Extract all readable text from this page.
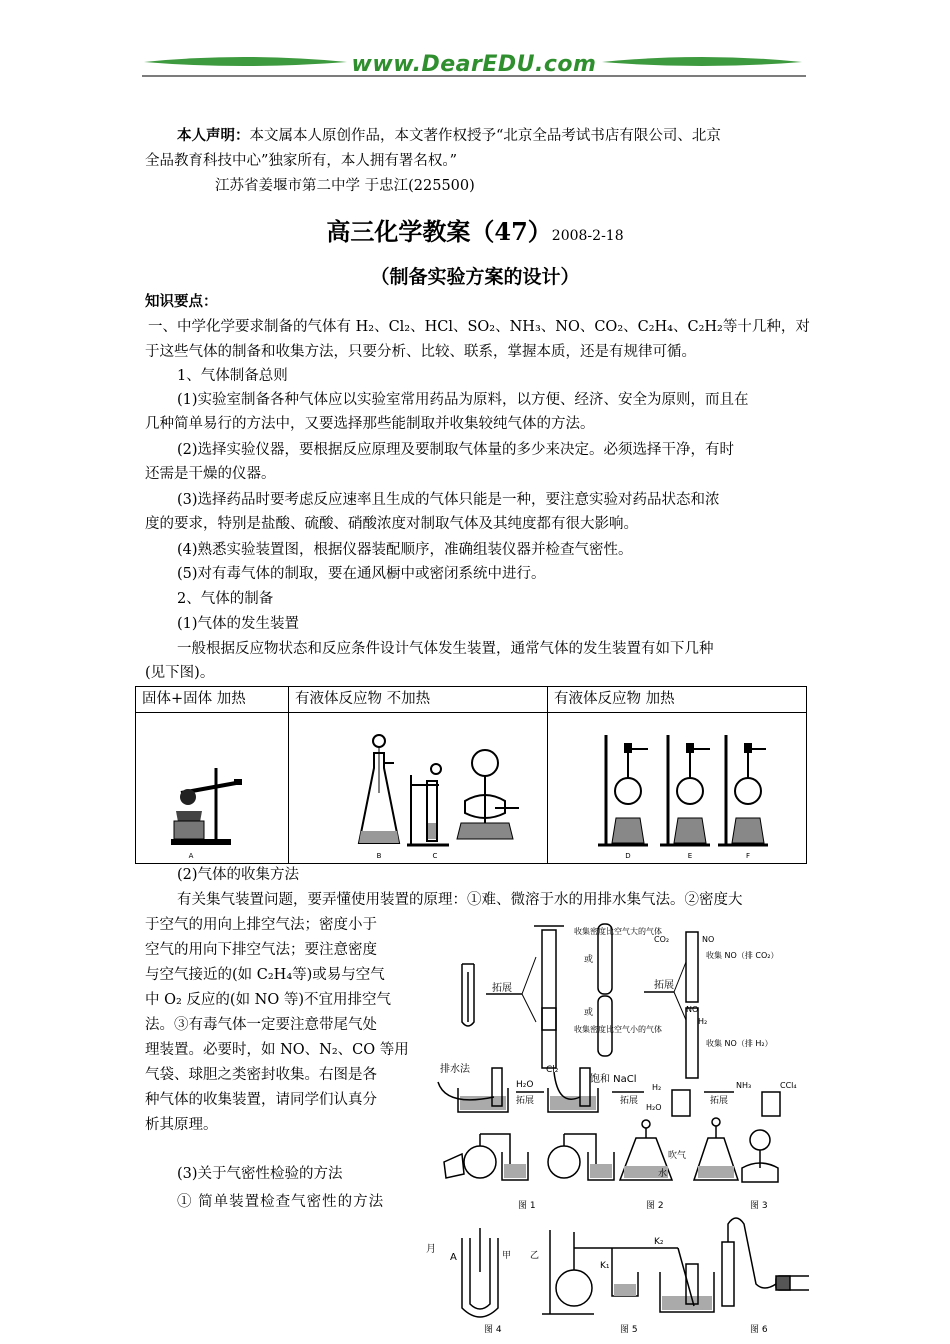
www.DearEDU.com
本人声明：本文属本人原创作品，本文著作权授予“北京全品考试书店有限公司、北京
全品教育科技中心”独家所有，本人拥有署名权。”
江苏省姜堰市第二中学 于忠江(225500)
高三化学教案（47）2008-2-18
（制备实验方案的设计）
知识要点：
一、中学化学要求制备的气体有 H₂、Cl₂、HCl、SO₂、NH₃、NO、CO₂、C₂H₄、C₂H₂等十几种，对
于这些气体的制备和收集方法，只要分析、比较、联系，掌握本质，还是有规律可循。
1、气体制备总则
(1)实验室制备各种气体应以实验室常用药品为原料，以方便、经济、安全为原则，而且在
几种简单易行的方法中，又要选择那些能制取并收集较纯气体的方法。
(2)选择实验仪器，要根据反应原理及要制取气体量的多少来决定。必须选择干净，有时
还需是干燥的仪器。
(3)选择药品时要考虑反应速率且生成的气体只能是一种，要注意实验对药品状态和浓
度的要求，特别是盐酸、硫酸、硝酸浓度对制取气体及其纯度都有很大影响。
(4)熟悉实验装置图，根据仪器装配顺序，准确组装仪器并检查气密性。
(5)对有毒气体的制取，要在通风橱中或密闭系统中进行。
2、气体的制备
(1)气体的发生装置
一般根据反应物状态和反应条件设计气体发生装置，通常气体的发生装置有如下几种
(见下图)。
固体+固体 加热	有液体反应物 不加热	有液体反应物 加热

A	B C	D E F
(2)气体的收集方法
有关集气装置问题，要弄懂使用装置的原理：①难、微溶于水的用排水集气法。②密度大
于空气的用向上排空气法；密度小于
空气的用向下排空气法；要注意密度
与空气接近的(如 C₂H₄等)或易与空气
中 O₂ 反应的(如 NO 等)不宜用排空气
法。③有毒气体一定要注意带尾气处
理装置。必要时，如 NO、N₂、CO 等用
气袋、球胆之类密封收集。右图是各
种气体的收集装置，请同学们认真分
析其原理。
(3)关于气密性检验的方法
① 简单装置检查气密性的方法
拓展
收集密度比空气大的气体
收集密度比空气小的气体
或
或
拓展
CO₂	NO
收集 NO（排 CO₂）
NO
H₂
收集 NO（排 H₂）
排水法
H₂O
拓展
Cl₂
饱和 NaCl
拓展
H₂
H₂O
拓展
NH₃	CCl₄
图 1
吹气
水
图 2	图 3
月
A	甲 乙
图 4
K₁
K₂
图 5	图 6
